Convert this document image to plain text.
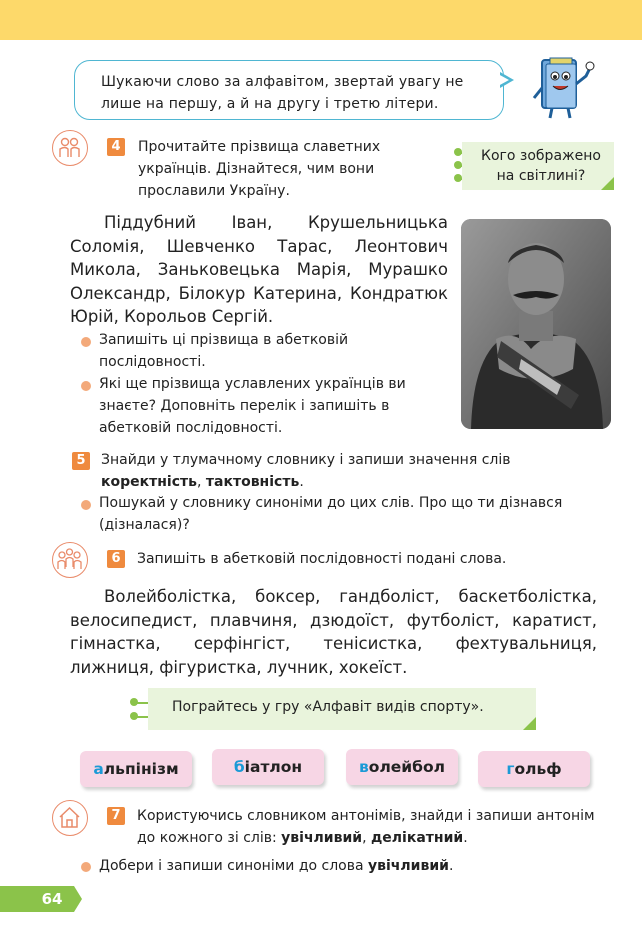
Шукаючи слово за алфавітом, звертай увагу не лише на першу, а й на другу і третю літери.
4	Прочитайте прізвища славетних українців. Дізнайтеся, чим вони прославили Україну.
Кого зображено на світлині?
Піддубний Іван, Крушельницька Соломія, Шевченко Тарас, Леонтович Микола, Заньковецька Марія, Мурашко Олександр, Білокур Катерина, Кондратюк Юрій, Корольов Сергій.
Запишіть ці прізвища в абетковій послідовності.
Які ще прізвища уславлених українців ви знаєте? Доповніть перелік і запишіть в абетковій послідовності.
5	Знайди у тлумачному словнику і запиши значення слів коректність, тактовність.
Пошукай у словнику синоніми до цих слів. Про що ти дізнався (дізналася)?
6	Запишіть в абетковій послідовності подані слова.
Волейболістка, боксер, гандболіст, баскетболістка, велосипедист, плавчиня, дзюдоїст, футболіст, каратист, гімнастка, серфінгіст, тенісистка, фехтувальниця, лижниця, фігуристка, лучник, хокеїст.
Пограйтесь у гру «Алфавіт видів спорту».
альпінізм	біатлон	волейбол	гольф
7	Користуючись словником антонімів, знайди і запиши антонім до кожного зі слів: увічливий, делікатний.
Добери і запиши синоніми до слова увічливий.
64
